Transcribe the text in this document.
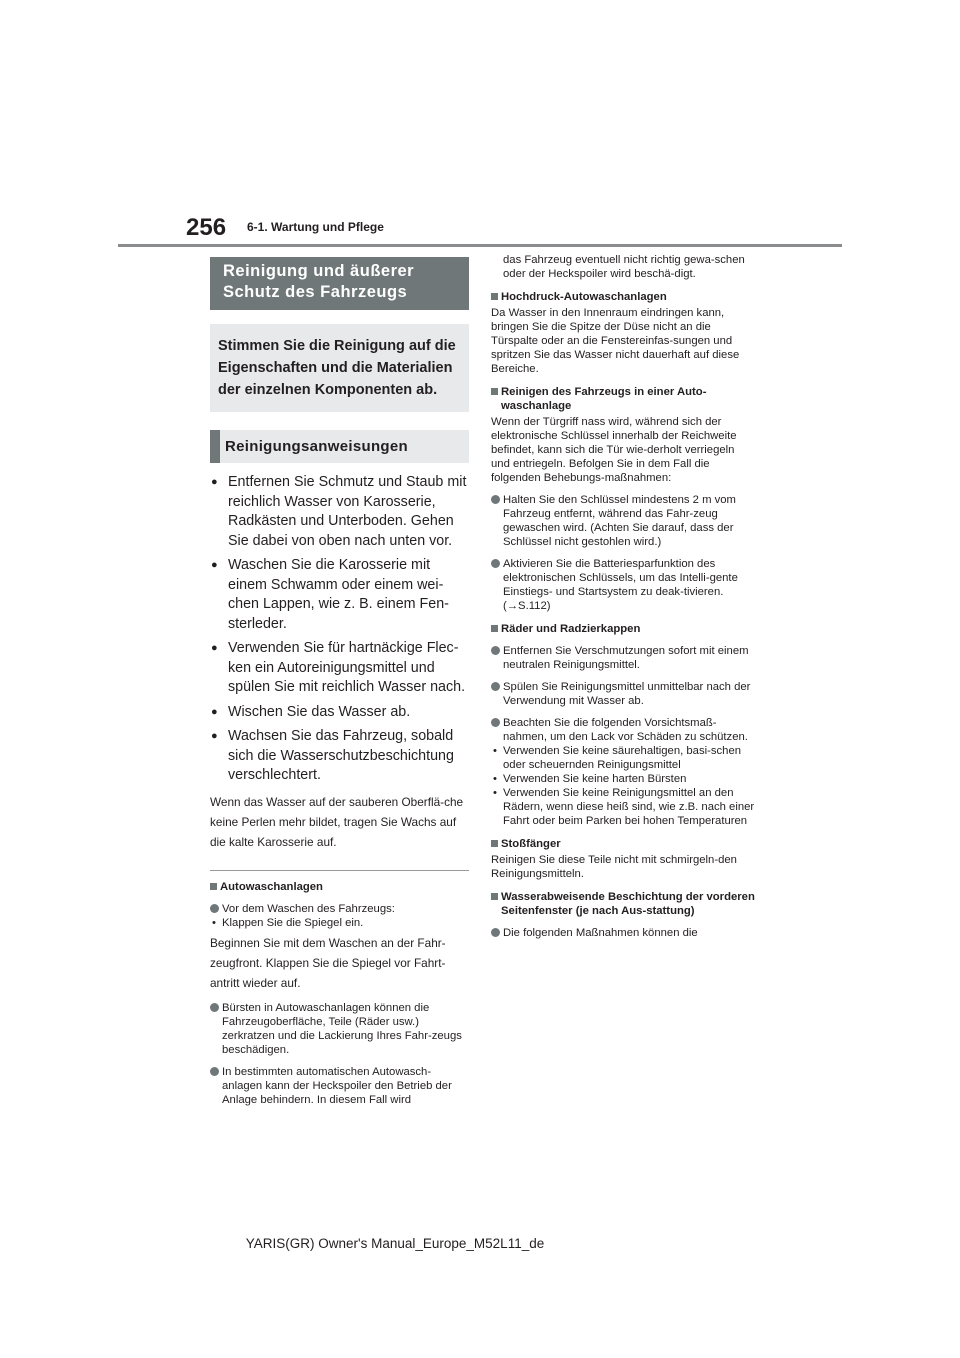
256 6-1. Wartung und Pflege
Reinigung und äußerer Schutz des Fahrzeugs
Stimmen Sie die Reinigung auf die Eigenschaften und die Materialien der einzelnen Komponenten ab.
Reinigungsanweisungen
● Entfernen Sie Schmutz und Staub mit reichlich Wasser von Karosserie, Radkästen und Unterboden. Gehen Sie dabei von oben nach unten vor.
● Waschen Sie die Karosserie mit einem Schwamm oder einem wei-chen Lappen, wie z. B. einem Fen-sterleder.
● Verwenden Sie für hartnäckige Flec-ken ein Autoreinigungsmittel und spülen Sie mit reichlich Wasser nach.
● Wischen Sie das Wasser ab.
● Wachsen Sie das Fahrzeug, sobald sich die Wasserschutzbeschichtung verschlechtert.
Wenn das Wasser auf der sauberen Oberflä-che keine Perlen mehr bildet, tragen Sie Wachs auf die kalte Karosserie auf.
Autowaschanlagen
Vor dem Waschen des Fahrzeugs:
• Klappen Sie die Spiegel ein.
Beginnen Sie mit dem Waschen an der Fahr-zeugfront. Klappen Sie die Spiegel vor Fahrt-antritt wieder auf.
Bürsten in Autowaschanlagen können die Fahrzeugoberfläche, Teile (Räder usw.) zerkratzen und die Lackierung Ihres Fahr-zeugs beschädigen.
In bestimmten automatischen Autowasch-anlagen kann der Heckspoiler den Betrieb der Anlage behindern. In diesem Fall wird
das Fahrzeug eventuell nicht richtig gewa-schen oder der Heckspoiler wird beschä-digt.
Hochdruck-Autowaschanlagen
Da Wasser in den Innenraum eindringen kann, bringen Sie die Spitze der Düse nicht an die Türspalte oder an die Fenstereinfas-sungen und spritzen Sie das Wasser nicht dauerhaft auf diese Bereiche.
Reinigen des Fahrzeugs in einer Auto-waschanlage
Wenn der Türgriff nass wird, während sich der elektronische Schlüssel innerhalb der Reichweite befindet, kann sich die Tür wie-derholt verriegeln und entriegeln. Befolgen Sie in dem Fall die folgenden Behebungs-maßnahmen:
Halten Sie den Schlüssel mindestens 2 m vom Fahrzeug entfernt, während das Fahr-zeug gewaschen wird. (Achten Sie darauf, dass der Schlüssel nicht gestohlen wird.)
Aktivieren Sie die Batteriesparfunktion des elektronischen Schlüssels, um das Intelli-gente Einstiegs- und Startsystem zu deak-tivieren. (→S.112)
Räder und Radzierkappen
Entfernen Sie Verschmutzungen sofort mit einem neutralen Reinigungsmittel.
Spülen Sie Reinigungsmittel unmittelbar nach der Verwendung mit Wasser ab.
Beachten Sie die folgenden Vorsichtsmaß-nahmen, um den Lack vor Schäden zu schützen.
• Verwenden Sie keine säurehaltigen, basi-schen oder scheuernden Reinigungsmittel
• Verwenden Sie keine harten Bürsten
• Verwenden Sie keine Reinigungsmittel an den Rädern, wenn diese heiß sind, wie z.B. nach einer Fahrt oder beim Parken bei hohen Temperaturen
Stoßfänger
Reinigen Sie diese Teile nicht mit schmirgeln-den Reinigungsmitteln.
Wasserabweisende Beschichtung der vorderen Seitenfenster (je nach Aus-stattung)
Die folgenden Maßnahmen können die
YARIS(GR) Owner's Manual_Europe_M52L11_de
